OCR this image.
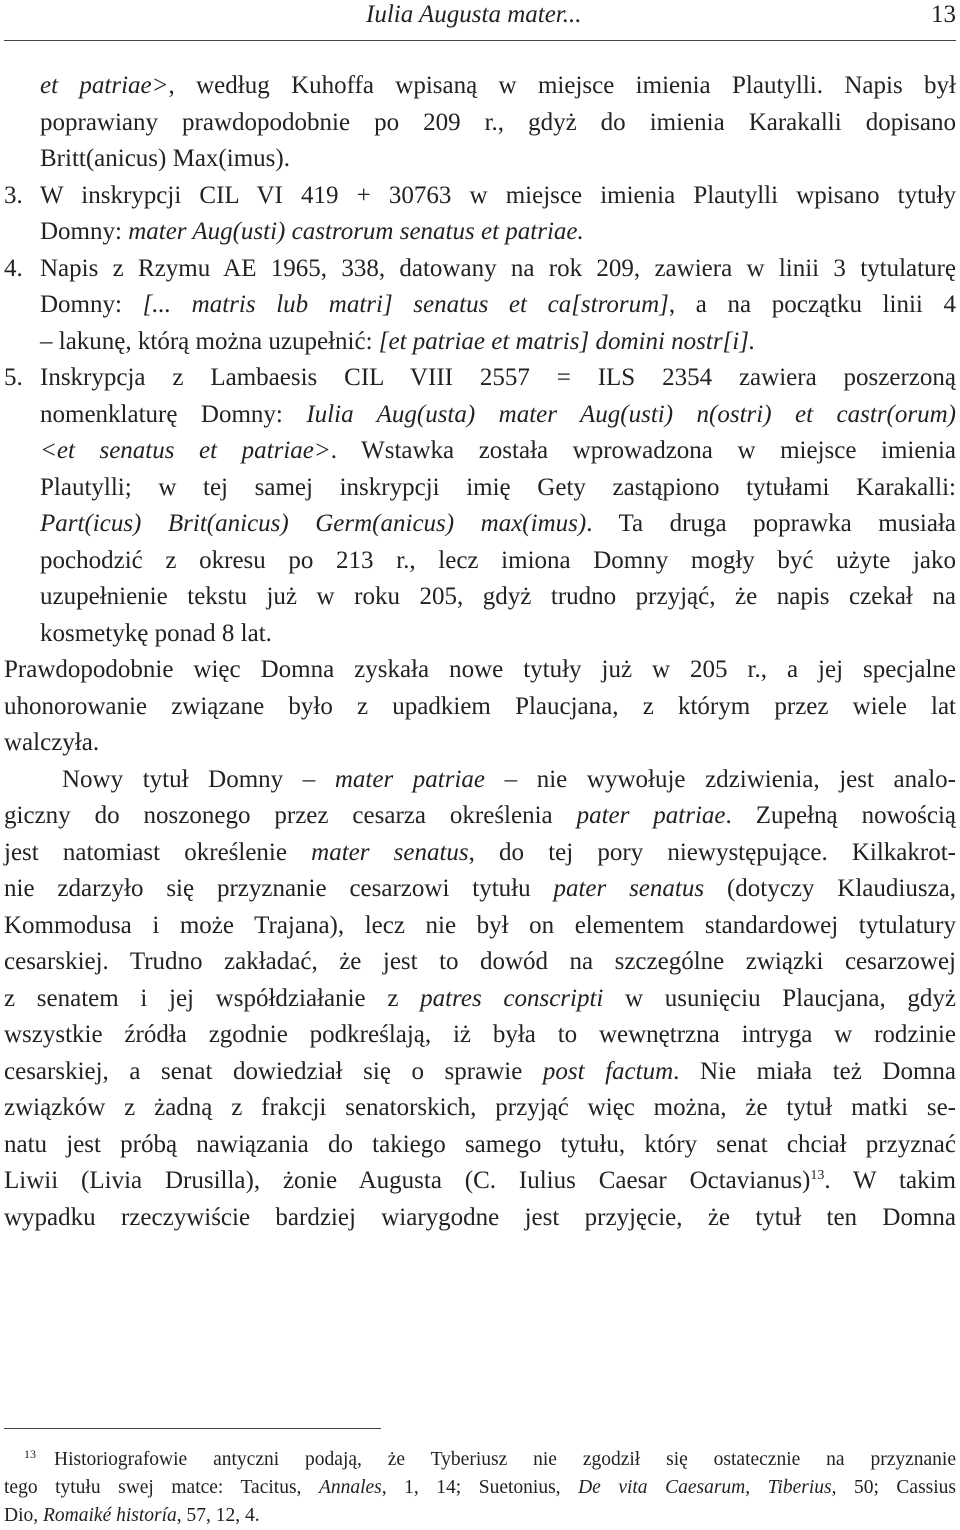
Iulia Augusta mater...	13
et patriae>, według Kuhoffa wpisaną w miejsce imienia Plautylli. Napis był
poprawiany prawdopodobnie po 209 r., gdyż do imienia Karakalli dopisano
Britt(anicus) Max(imus).
3. W inskrypcji CIL VI 419 + 30763 w miejsce imienia Plautylli wpisano tytuły
Domny: mater Aug(usti) castrorum senatus et patriae.
4. Napis z Rzymu AE 1965, 338, datowany na rok 209, zawiera w linii 3 tytulaturę
Domny: [... matris lub matri] senatus et ca[strorum], a na początku linii 4
– lakunę, którą można uzupełnić: [et patriae et matris] domini nostr[i].
5. Inskrypcja z Lambaesis CIL VIII 2557 = ILS 2354 zawiera poszerzoną
nomenklaturę Domny: Iulia Aug(usta) mater Aug(usti) n(ostri) et castr(orum)
<et senatus et patriae>. Wstawka została wprowadzona w miejsce imienia
Plautylli; w tej samej inskrypcji imię Gety zastąpiono tytułami Karakalli:
Part(icus) Brit(anicus) Germ(anicus) max(imus). Ta druga poprawka musiała
pochodzić z okresu po 213 r., lecz imiona Domny mogły być użyte jako
uzupełnienie tekstu już w roku 205, gdyż trudno przyjąć, że napis czekał na
kosmetykę ponad 8 lat.
Prawdopodobnie więc Domna zyskała nowe tytuły już w 205 r., a jej specjalne
uhonorowanie związane było z upadkiem Plaucjana, z którym przez wiele lat
walczyła.
Nowy tytuł Domny – mater patriae – nie wywołuje zdziwienia, jest analo-
giczny do noszonego przez cesarza określenia pater patriae. Zupełną nowością
jest natomiast określenie mater senatus, do tej pory niewystępujące. Kilkakrot-
nie zdarzyło się przyznanie cesarzowi tytułu pater senatus (dotyczy Klaudiusza,
Kommodusa i może Trajana), lecz nie był on elementem standardowej tytulatury
cesarskiej. Trudno zakładać, że jest to dowód na szczególne związki cesarzowej
z senatem i jej współdziałanie z patres conscripti w usunięciu Plaucjana, gdyż
wszystkie źródła zgodnie podkreślają, iż była to wewnętrzna intryga w rodzinie
cesarskiej, a senat dowiedział się o sprawie post factum. Nie miała też Domna
związków z żadną z frakcji senatorskich, przyjąć więc można, że tytuł matki se-
natu jest próbą nawiązania do takiego samego tytułu, który senat chciał przyznać
Liwii (Livia Drusilla), żonie Augusta (C. Iulius Caesar Octavianus)$^{13}$. W takim
wypadku rzeczywiście bardziej wiarygodne jest przyjęcie, że tytuł ten Domna
$^{13}$ Historiografowie antyczni podają, że Tyberiusz nie zgodził się ostatecznie na przyznanie
tego tytułu swej matce: Tacitus, Annales, 1, 14; Suetonius, De vita Caesarum, Tiberius, 50; Cassius
Dio, Romaiké historía, 57, 12, 4.
